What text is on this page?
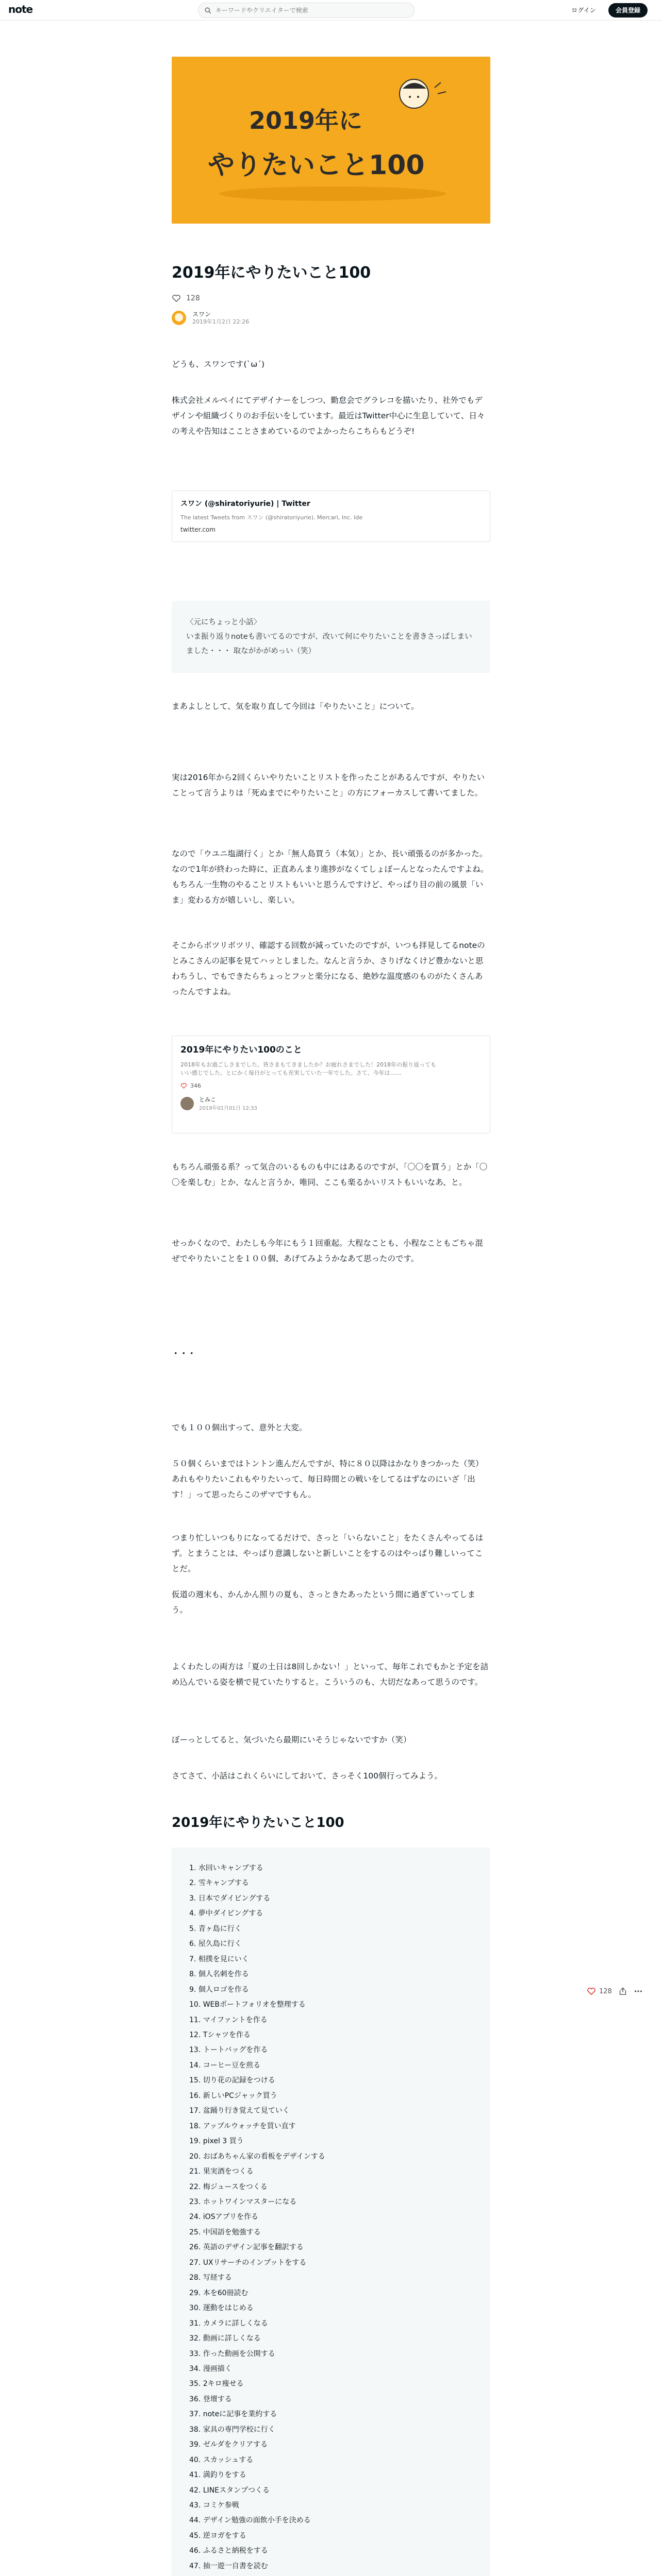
note
キーワードやクリエイターで検索	ログイン	会員登録
2019年に
やりたいこと100
2019年にやりたいこと100
128
スワン
2019年1月2日 22:26

どうも、スワンです(`ω´)

株式会社メルペイにてデザイナーをしつつ、勤怠会でグラレコを描いたり、社外でもデザインや組織づくりのお手伝いをしています。最近はTwitter中心に生息していて、日々の考えや告知はこことさまめているのでよかったらこちらもどうぞ!

スワン (@shiratoriyurie) | Twitter
The latest Tweets from スワン (@shiratoriyurie). Mercari, Inc. Ide
twitter.com
〈元にちょっと小話〉
いま振り返りnoteも書いてるのですが、改いて何にやりたいことを書きさっぱしまいました・・・ 取ながかがめっい（笑）

まあよしとして、気を取り直して今回は「やりたいこと」について。

実は2016年から2回くらいやりたいことリストを作ったことがあるんですが、やりたいことって言うよりは「死ぬまでにやりたいこと」の方にフォーカスして書いてました。

なので「ウユニ塩湖行く」とか「無人島買う（本気）」とか、長い頑張るのが多かった。なので1年が終わった時に、正直あんまり進捗がなくてしょぼーんとなったんですよね。もちろん一生物のやることリストもいいと思うんですけど、やっぱり目の前の風景「いま」変わる方が嬉しいし、楽しい。

そこからボツリボツリ、確認する回数が減っていたのですが、いつも拝見してるnoteのとみこさんの記事を見てハッとしました。なんと言うか、さりげなくけど豊かないと思わちうし、でもできたらちょっとフッと楽分になる、絶妙な温度感のものがたくさんあったんですよね。

2019年にやりたい100のこと
2018年もお過ごしさまでした。皆さまもてきましたか？お疲れさまでした！2018年の振り返ってもいい感じでした。とにかく毎日がとっても充実していた一年でした。さて、今年は……
346
とみこ
2019年01月01日 12:33

もちろん頑張る系？って気合のいるものも中にはあるのですが、「〇〇を買う」とか「〇〇を楽しむ」とか、なんと言うか、唯同、ここも楽るかいリストもいいなあ、と。

せっかくなので、わたしも今年にもう１回重起。大程なことも、小程なこともごちゃ混ぜでやりたいことを１００個、あげてみようかなあて思ったのです。

・・・

でも１００個出すって、意外と大変。

５０個くらいまではトントン進んだんですが、特に８０以降はかなりきつかった（笑）あれもやりたいこれもやりたいって、毎日時間との戦いをしてるはずなのにいざ「出す！」って思ったらこのザマですもん。

つまり忙しいつもりになってるだけで、さっと「いらないこと」をたくさんやってるはず。とまうことは、やっぱり意識しないと新しいことをするのはやっぱり難しいってことだ。

仮道の週末も、かんかん照りの夏も、さっときたあったという間に過ぎていってしまう。

よくわたしの両方は「夏の土日は8回しかない！」といって、毎年これでもかと予定を詰め込んでいる姿を横で見ていたりすると。こういうのも、大切だなあって思うのです。

ぼーっとしてると、気づいたら最期にいそうじゃないですか（笑）

さてさて、小話はこれくらいにしておいて、さっそく100個行ってみよう。

2019年にやりたいこと100
1. 水回いキャンプする
2. 雪キャンプする
3. 日本でダイビングする
4. 夢中ダイビングする
5. 青ヶ島に行く
6. 屋久島に行く
7. 相撲を見にいく
8. 個人名刺を作る
9. 個人ロゴを作る
10. WEBポートフォリオを整理する
11. マイファントを作る
12. Tシャツを作る
13. トートバッグを作る
14. コーヒー豆を煎る
15. 切り花の記録をつける
16. 新しいPCジャック買う
17. 盆踊り行き覚えて見ていく
18. アップルウォッチを買い直す
19. pixel 3 買う
20. おばあちゃん家の看板をデザインする
21. 果実酒をつくる
22. 梅ジュースをつくる
23. ホットワインマスターになる
24. iOSアプリを作る
25. 中国語を勉強する
26. 英語のデザイン記事を翻訳する
27. UXリサーチのインプットをする
28. 写経する
29. 本を60冊読む
30. 運動をはじめる
31. カメラに詳しくなる
32. 動画に詳しくなる
33. 作った動画を公開する
34. 漫画描く
35. 2キロ痩せる
36. 登壇する
37. noteに記事を業約する
38. 家具の専門学校に行く
39. ゼルダをクリアする
40. スカッシュする
41. 満釣りをする
42. LINEスタンプつくる
43. コミケ参戦
44. デザイン勉強の面飲小手を決める
45. 逆ヨガをする
46. ふるさと納税をする
47. 抽一遊一自書を読む
128
